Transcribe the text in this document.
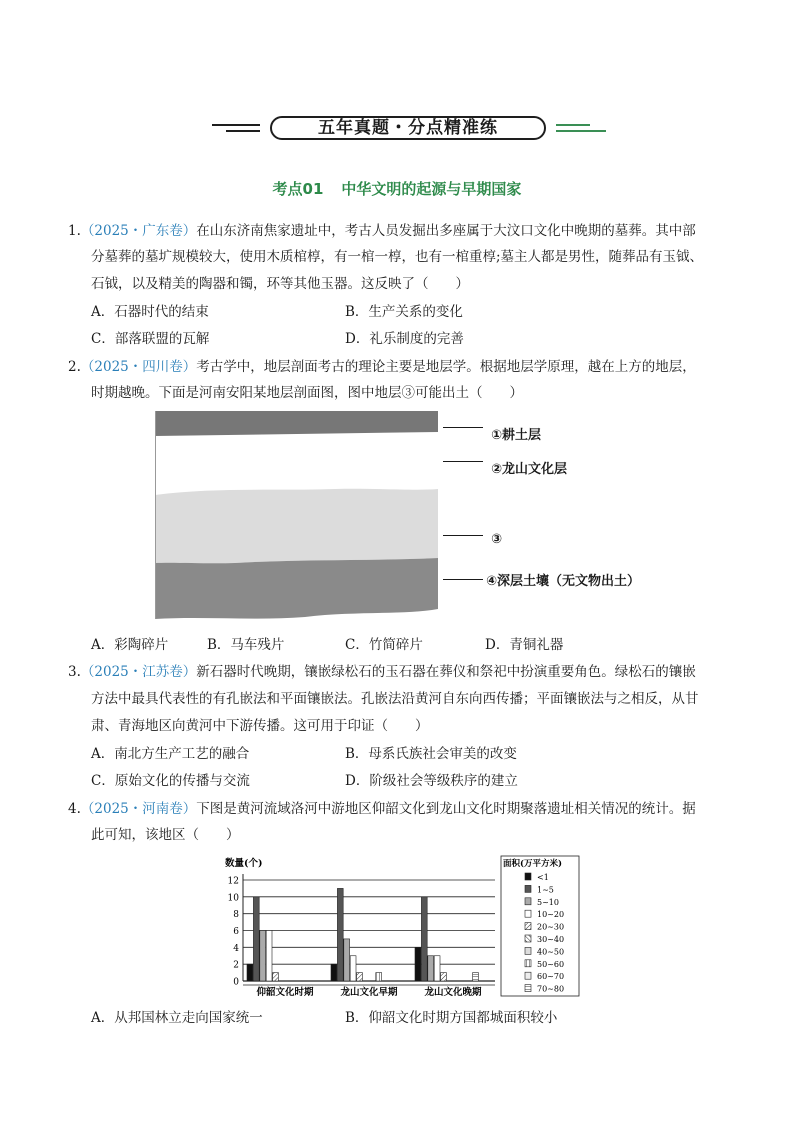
五年真题・分点精准练
考点01 中华文明的起源与早期国家
1.（2025・广东卷）在山东济南焦家遗址中，考古人员发掘出多座属于大汶口文化中晚期的墓葬。其中部
分墓葬的墓圹规模较大，使用木质棺椁，有一棺一椁，也有一棺重椁;墓主人都是男性，随葬品有玉钺、
石钺，以及精美的陶器和镯，环等其他玉器。这反映了（　　）
A．石器时代的结束	B．生产关系的变化
C．部落联盟的瓦解	D．礼乐制度的完善
2.（2025・四川卷）考古学中，地层剖面考古的理论主要是地层学。根据地层学原理，越在上方的地层，
时期越晚。下面是河南安阳某地层剖面图，图中地层③可能出土（　　）
①耕土层
②龙山文化层
③
④深层土壤（无文物出土）
A．彩陶碎片	B．马车残片	C．竹简碎片	D．青铜礼器
3.（2025・江苏卷）新石器时代晚期，镶嵌绿松石的玉石器在葬仪和祭祀中扮演重要角色。绿松石的镶嵌
方法中最具代表性的有孔嵌法和平面镶嵌法。孔嵌法沿黄河自东向西传播；平面镶嵌法与之相反，从甘
肃、青海地区向黄河中下游传播。这可用于印证（　　）
A．南北方生产工艺的融合	B．母系氏族社会审美的改变
C．原始文化的传播与交流	D．阶级社会等级秩序的建立
4.（2025・河南卷）下图是黄河流域洛河中游地区仰韶文化到龙山文化时期聚落遗址相关情况的统计。据
此可知，该地区（　　）
数量(个)
0
2
4
6
8
10
12
仰韶文化时期	龙山文化早期	龙山文化晚期
面积(万平方米)
<1
1~5
5~10
10~20
20~30
30~40
40~50
50~60
60~70
70~80
A．从邦国林立走向国家统一	B．仰韶文化时期方国都城面积较小
